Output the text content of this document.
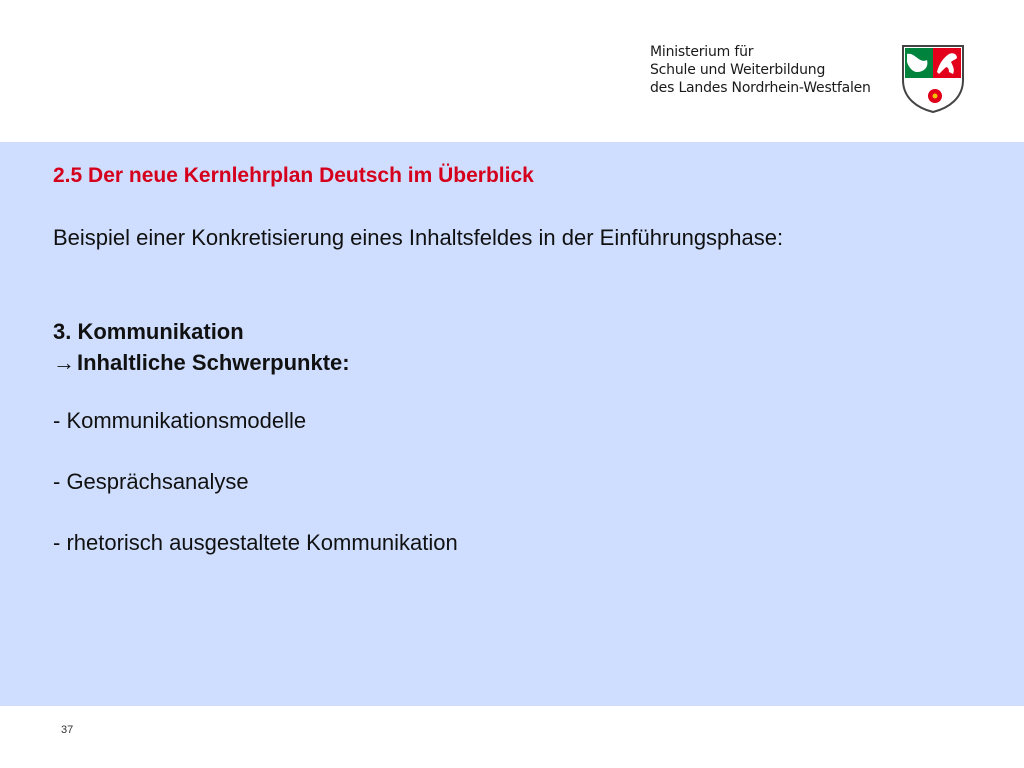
Ministerium für
Schule und Weiterbildung
des Landes Nordrhein-Westfalen
2.5 Der neue Kernlehrplan Deutsch im Überblick
Beispiel einer Konkretisierung eines Inhaltsfeldes in der Einführungsphase:
3. Kommunikation
→Inhaltliche Schwerpunkte:
- Kommunikationsmodelle
- Gesprächsanalyse
- rhetorisch ausgestaltete Kommunikation
37
